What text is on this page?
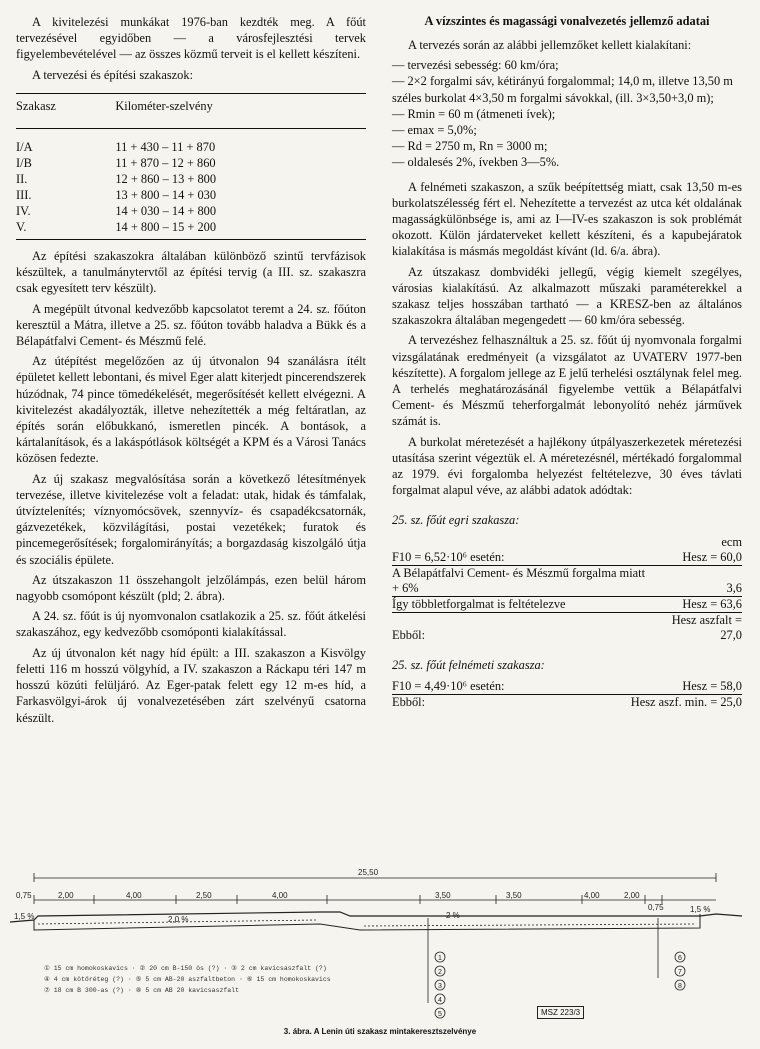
A kivitelezési munkákat 1976-ban kezdték meg. A főút tervezésével egyidőben — a városfejlesztési tervek figyelembevételével — az összes közmű terveit is el kellett készíteni.

A tervezési és építési szakaszok:

Szakasz	Kilométer-szelvény
I/A	11 + 430 – 11 + 870
I/B	11 + 870 – 12 + 860
II.	12 + 860 – 13 + 800
III.	13 + 800 – 14 + 030
IV.	14 + 030 – 14 + 800
V.	14 + 800 – 15 + 200

Az építési szakaszokra általában különböző szintű tervfázisok készültek, a tanulmánytervtől az építési tervig (a III. sz. szakaszra csak egyesített terv készült).

A megépült útvonal kedvezőbb kapcsolatot teremt a 24. sz. főúton keresztül a Mátra, illetve a 25. sz. főúton tovább haladva a Bükk és a Bélapátfalvi Cement- és Mészmű felé.

Az útépítést megelőzően az új útvonalon 94 szanálásra ítélt épületet kellett lebontani, és mivel Eger alatt kiterjedt pincerendszerek húzódnak, 74 pince tömedékelését, megerősítését kellett elvégezni. A kivitelezést akadályozták, illetve nehezítették a még feltáratlan, az építés során előbukkanó, ismeretlen pincék. A bontások, a kártalanítások, és a lakáspótlások költségét a KPM és a Városi Tanács közösen fedezte.

Az új szakasz megvalósítása során a következő létesítmények tervezése, illetve kivitelezése volt a feladat: utak, hidak és támfalak, útvíztelenítés; víznyomócsövek, szennyvíz- és csapadékcsatornák, gázvezetékek, közvilágítási, postai vezetékek; furatok és pincemegerősítések; forgalomirányítás; a borgazdaság kiszolgáló útja és szociális épülete.

Az útszakaszon 11 összehangolt jelzőlámpás, ezen belül három nagyobb csomópont készült (pld; 2. ábra).

A 24. sz. főút is új nyomvonalon csatlakozik a 25. sz. főút átkelési szakaszához, egy kedvezőbb csomóponti kialakítással.

Az új útvonalon két nagy híd épült: a III. szakaszon a Kisvölgy feletti 116 m hosszú völgyhíd, a IV. szakaszon a Ráckapu téri 147 m hosszú közúti felüljáró. Az Eger-patak felett egy 12 m-es híd, a Farkasvölgyi-árok új vonalvezetésében zárt szelvényű csatorna készült.

A vízszintes és magassági vonalvezetés jellemző adatai

A tervezés során az alábbi jellemzőket kellett kialakítani:

— tervezési sebesség: 60 km/óra;
— 2×2 forgalmi sáv, kétirányú forgalommal; 14,0 m, illetve 13,50 m széles burkolat 4×3,50 m forgalmi sávokkal, (ill. 3×3,50+3,0 m);
— Rmin = 60 m (átmeneti ívek);
— emax = 5,0%;
— Rd = 2750 m, Rn = 3000 m;
— oldalesés 2%, ívekben 3—5%.

A felnémeti szakaszon, a szűk beépítettség miatt, csak 13,50 m-es burkolatszélesség fért el. Nehezítette a tervezést az utca két oldalának magasságkülönbsége is, ami az I—IV-es szakaszon is sok problémát okozott. Külön járdaterveket kellett készíteni, és a kapubejáratok kialakítása is másmás megoldást kívánt (ld. 6/a. ábra).

Az útszakasz dombvidéki jellegű, végig kiemelt szegélyes, városias kialakítású. Az alkalmazott műszaki paraméterekkel a szakasz teljes hosszában tartható — a KRESZ-ben az általános szakaszokra általában megengedett — 60 km/óra sebesség.

A tervezéshez felhasználtuk a 25. sz. főút új nyomvonala forgalmi vizsgálatának eredményeit (a vizsgálatot az UVATERV 1977-ben készítette). A forgalom jellege az E jelű terhelési osztálynak felel meg. A terhelés meghatározásánál figyelembe vettük a Bélapátfalvi Cement- és Mészmű teherforgalmát lebonyolító nehéz járművek számát is.

A burkolat méretezését a hajlékony útpályaszerkezetek méretezési utasítása szerint végeztük el. A méretezésnél, mértékadó forgalommal az 1979. évi forgalomba helyezést feltételezve, 30 éves távlati forgalmat alapul véve, az alábbi adatok adódtak:

25. sz. főút egri szakasza:
	ecm
F10 = 6,52·10⁶ esetén:	Hesz = 60,0
A Bélapátfalvi Cement- és Mészmű forgalma miatt + 6%	3,6
Így többletforgalmat is feltételezve	Hesz = 63,6
Ebből:	Hesz aszfalt = 27,0
25. sz. főút felnémeti szakasza:
F10 = 4,49·10⁶ esetén:	Hesz = 58,0
Ebből:	Hesz aszf. min. = 25,0
25,50
0,75	2,00	4,00	2,50	4,00	3,50	3,50	4,00	2,00
0,75
1,5 %	2,0 %	2 %
1,5 %
1
2
3
4
5
6
7
8
① 15 cm homokoskavics · ② 20 cm B-150 ös (?) · ③ 2 cm kavicsaszfalt (?)
④ 4 cm kötőréteg (?) · ⑤ 5 cm AB-20 aszfaltbeton · ⑥ 15 cm homokoskavics
⑦ 18 cm B 300-as (?) · ⑧ 5 cm AB 20 kavicsaszfalt
MSZ 223/3
3. ábra. A Lenin úti szakasz mintakeresztszelvénye
